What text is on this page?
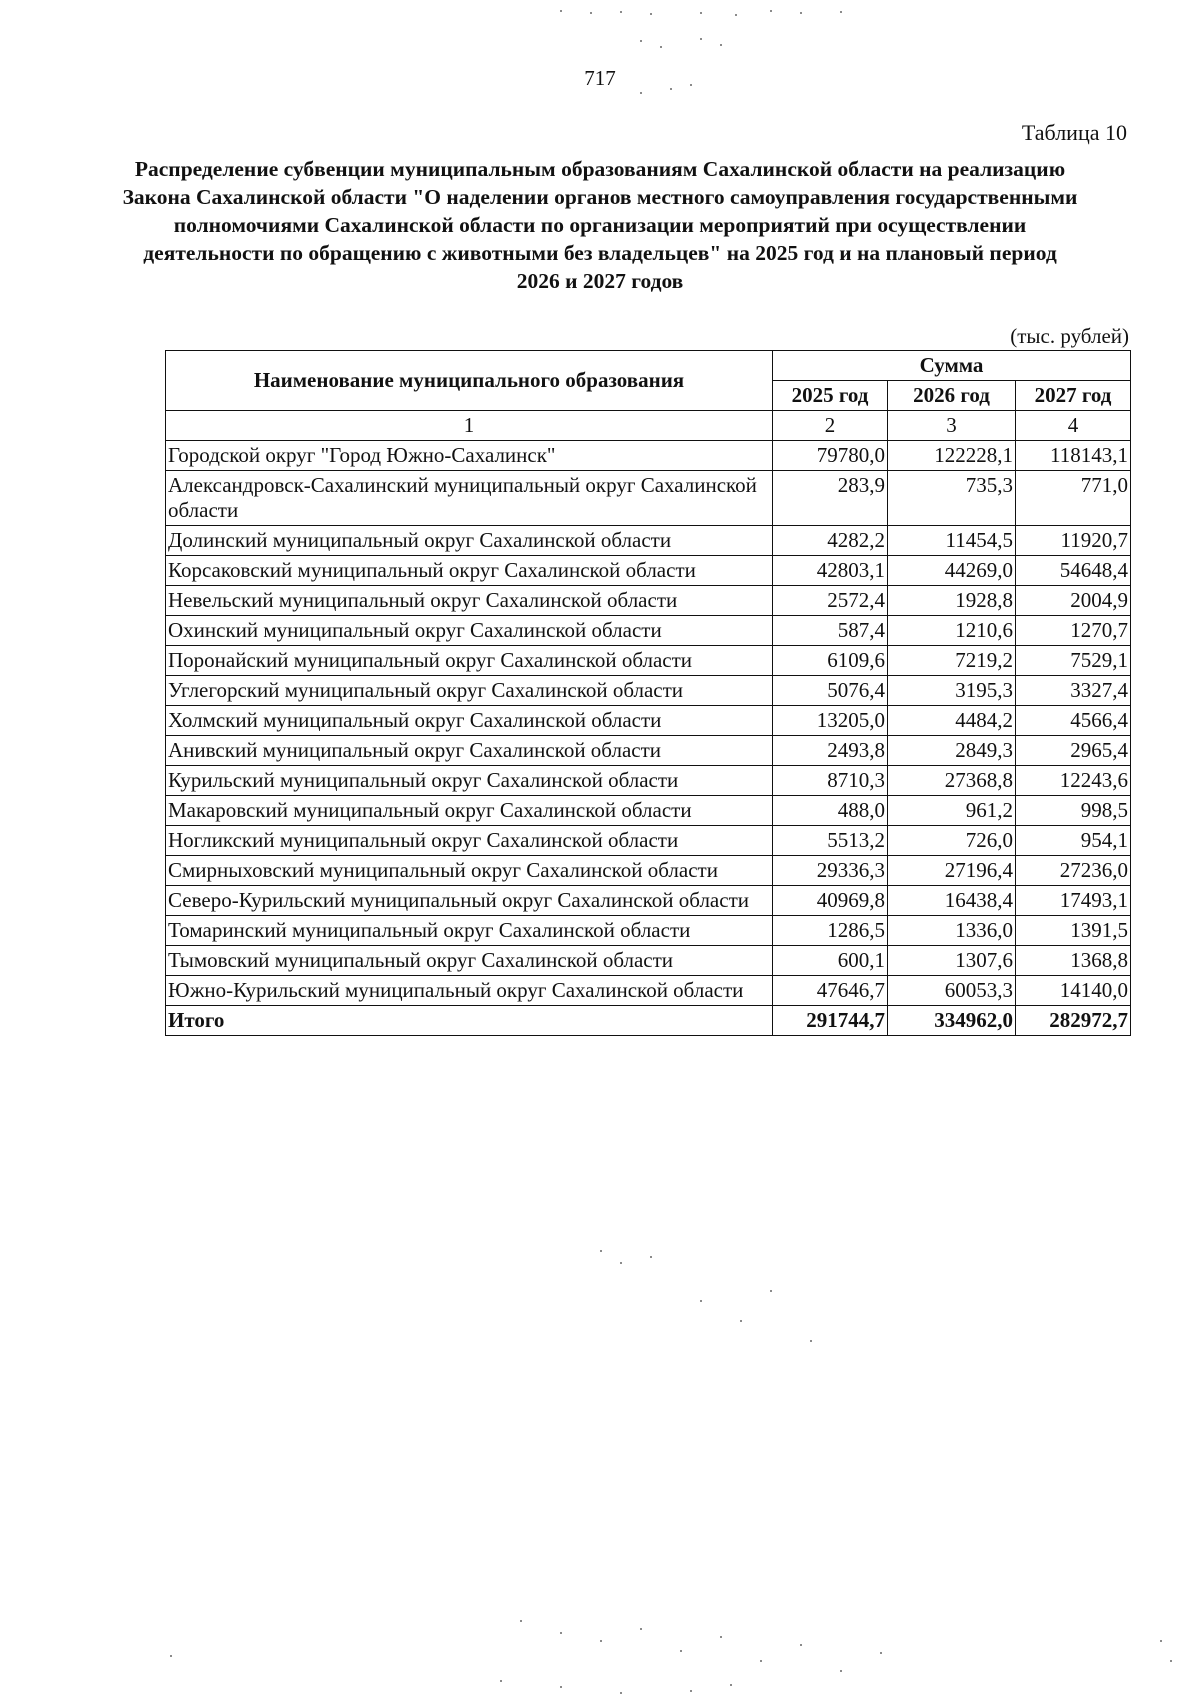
717
Таблица 10
Распределение субвенции муниципальным образованиям Сахалинской области на реализацию Закона Сахалинской области "О наделении органов местного самоуправления государственными полномочиями Сахалинской области по организации мероприятий при осуществлении деятельности по обращению с животными без владельцев" на 2025 год и на плановый период 2026 и 2027 годов
(тыс. рублей)
Наименование муниципального образования	Сумма		
	2025 год	2026 год	2027 год
1	2	3	4
Городской округ "Город Южно-Сахалинск"	79780,0	122228,1	118143,1
Александровск-Сахалинский муниципальный округ Сахалинской области	283,9	735,3	771,0
Долинский муниципальный округ Сахалинской области	4282,2	11454,5	11920,7
Корсаковский муниципальный округ Сахалинской области	42803,1	44269,0	54648,4
Невельский муниципальный округ Сахалинской области	2572,4	1928,8	2004,9
Охинский муниципальный округ Сахалинской области	587,4	1210,6	1270,7
Поронайский муниципальный округ Сахалинской области	6109,6	7219,2	7529,1
Углегорский муниципальный округ Сахалинской области	5076,4	3195,3	3327,4
Холмский муниципальный округ Сахалинской области	13205,0	4484,2	4566,4
Анивский муниципальный округ Сахалинской области	2493,8	2849,3	2965,4
Курильский муниципальный округ Сахалинской области	8710,3	27368,8	12243,6
Макаровский муниципальный округ Сахалинской области	488,0	961,2	998,5
Ногликский муниципальный округ Сахалинской области	5513,2	726,0	954,1
Смирныховский муниципальный округ Сахалинской области	29336,3	27196,4	27236,0
Северо-Курильский муниципальный округ Сахалинской области	40969,8	16438,4	17493,1
Томаринский муниципальный округ Сахалинской области	1286,5	1336,0	1391,5
Тымовский муниципальный округ Сахалинской области	600,1	1307,6	1368,8
Южно-Курильский муниципальный округ Сахалинской области	47646,7	60053,3	14140,0
Итого	291744,7	334962,0	282972,7
